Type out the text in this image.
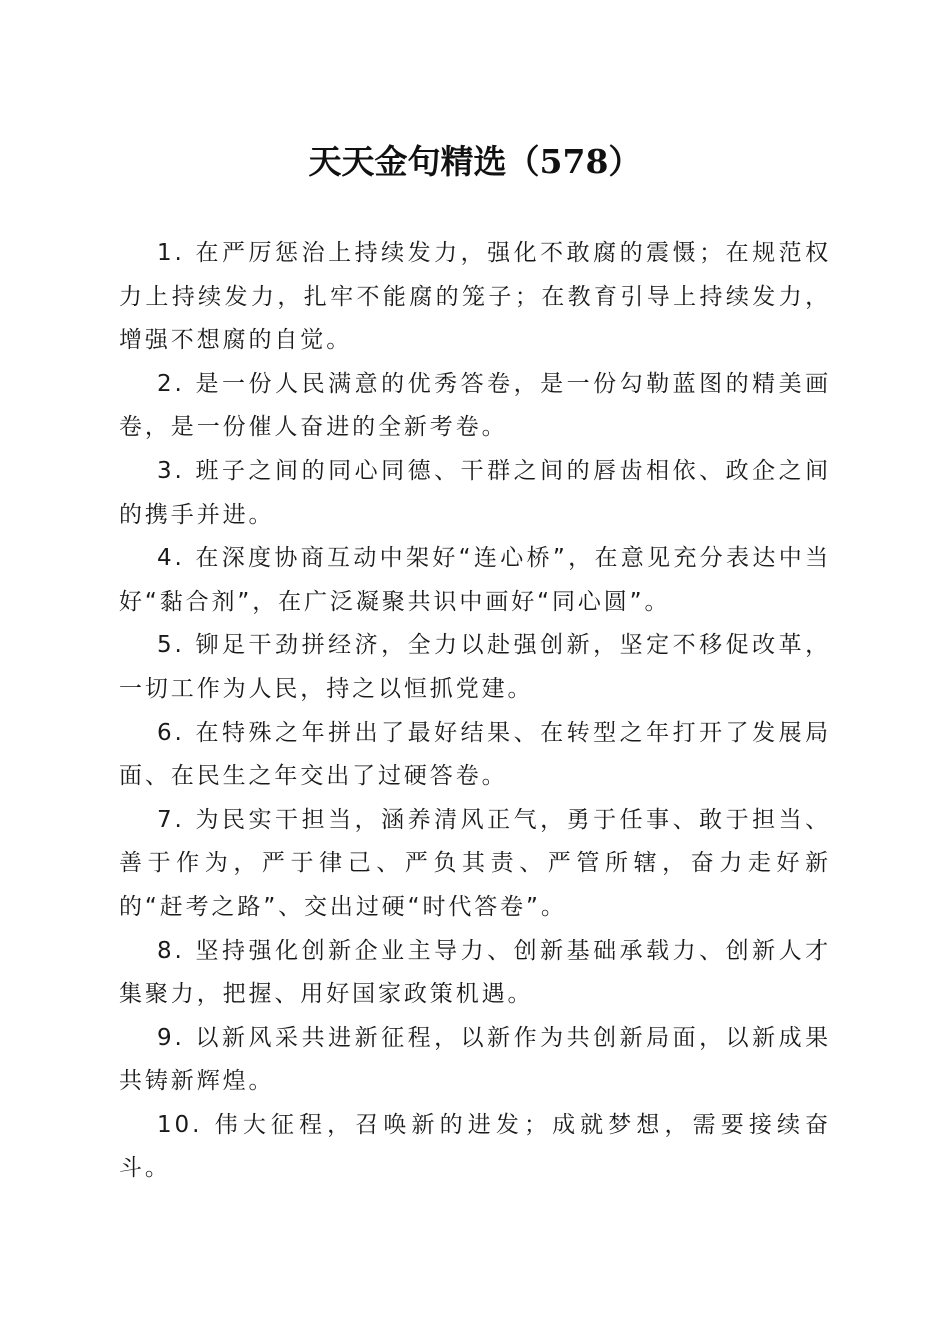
天天金句精选（578）

1. 在严厉惩治上持续发力，强化不敢腐的震慑；在规范权力上持续发力，扎牢不能腐的笼子；在教育引导上持续发力，增强不想腐的自觉。

2. 是一份人民满意的优秀答卷，是一份勾勒蓝图的精美画卷，是一份催人奋进的全新考卷。

3. 班子之间的同心同德、干群之间的唇齿相依、政企之间的携手并进。

4. 在深度协商互动中架好“连心桥”，在意见充分表达中当好“黏合剂”，在广泛凝聚共识中画好“同心圆”。

5. 铆足干劲拼经济，全力以赴强创新，坚定不移促改革，一切工作为人民，持之以恒抓党建。

6. 在特殊之年拼出了最好结果、在转型之年打开了发展局面、在民生之年交出了过硬答卷。

7. 为民实干担当，涵养清风正气，勇于任事、敢于担当、善于作为，严于律己、严负其责、严管所辖，奋力走好新的“赶考之路”、交出过硬“时代答卷”。

8. 坚持强化创新企业主导力、创新基础承载力、创新人才集聚力，把握、用好国家政策机遇。

9. 以新风采共进新征程，以新作为共创新局面，以新成果共铸新辉煌。

10. 伟大征程，召唤新的进发；成就梦想，需要接续奋斗。
